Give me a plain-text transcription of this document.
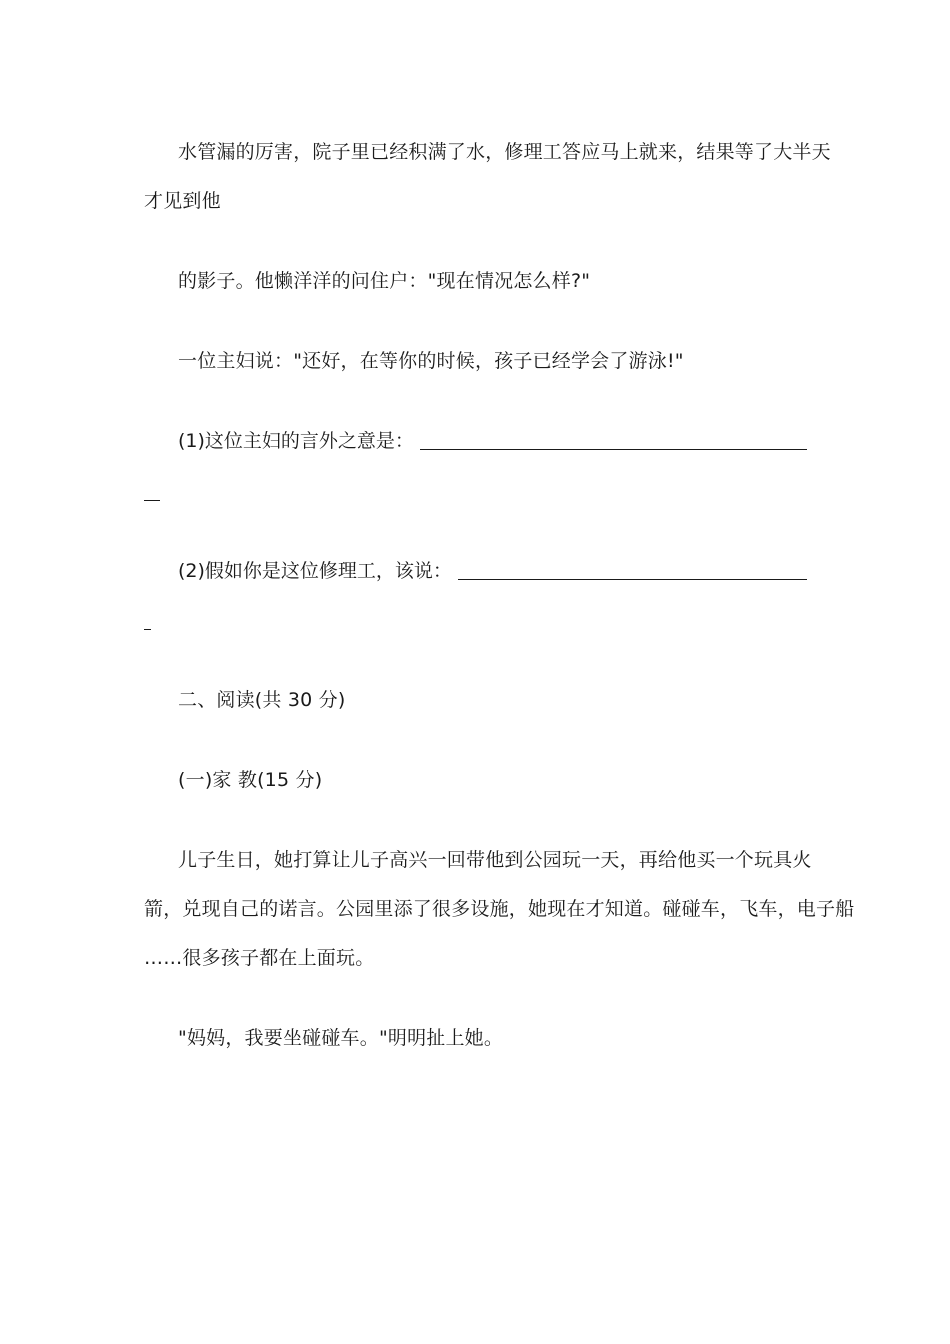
水管漏的厉害，院子里已经积满了水，修理工答应马上就来，结果等了大半天
才见到他
的影子。他懒洋洋的问住户："现在情况怎么样?"
一位主妇说："还好，在等你的时候，孩子已经学会了游泳!"
(1)这位主妇的言外之意是：
(2)假如你是这位修理工，该说：
二、阅读(共 30 分)
(一)家 教(15 分)
儿子生日，她打算让儿子高兴一回带他到公园玩一天，再给他买一个玩具火
箭，兑现自己的诺言。公园里添了很多设施，她现在才知道。碰碰车，飞车，电子船
……很多孩子都在上面玩。
"妈妈，我要坐碰碰车。"明明扯上她。
